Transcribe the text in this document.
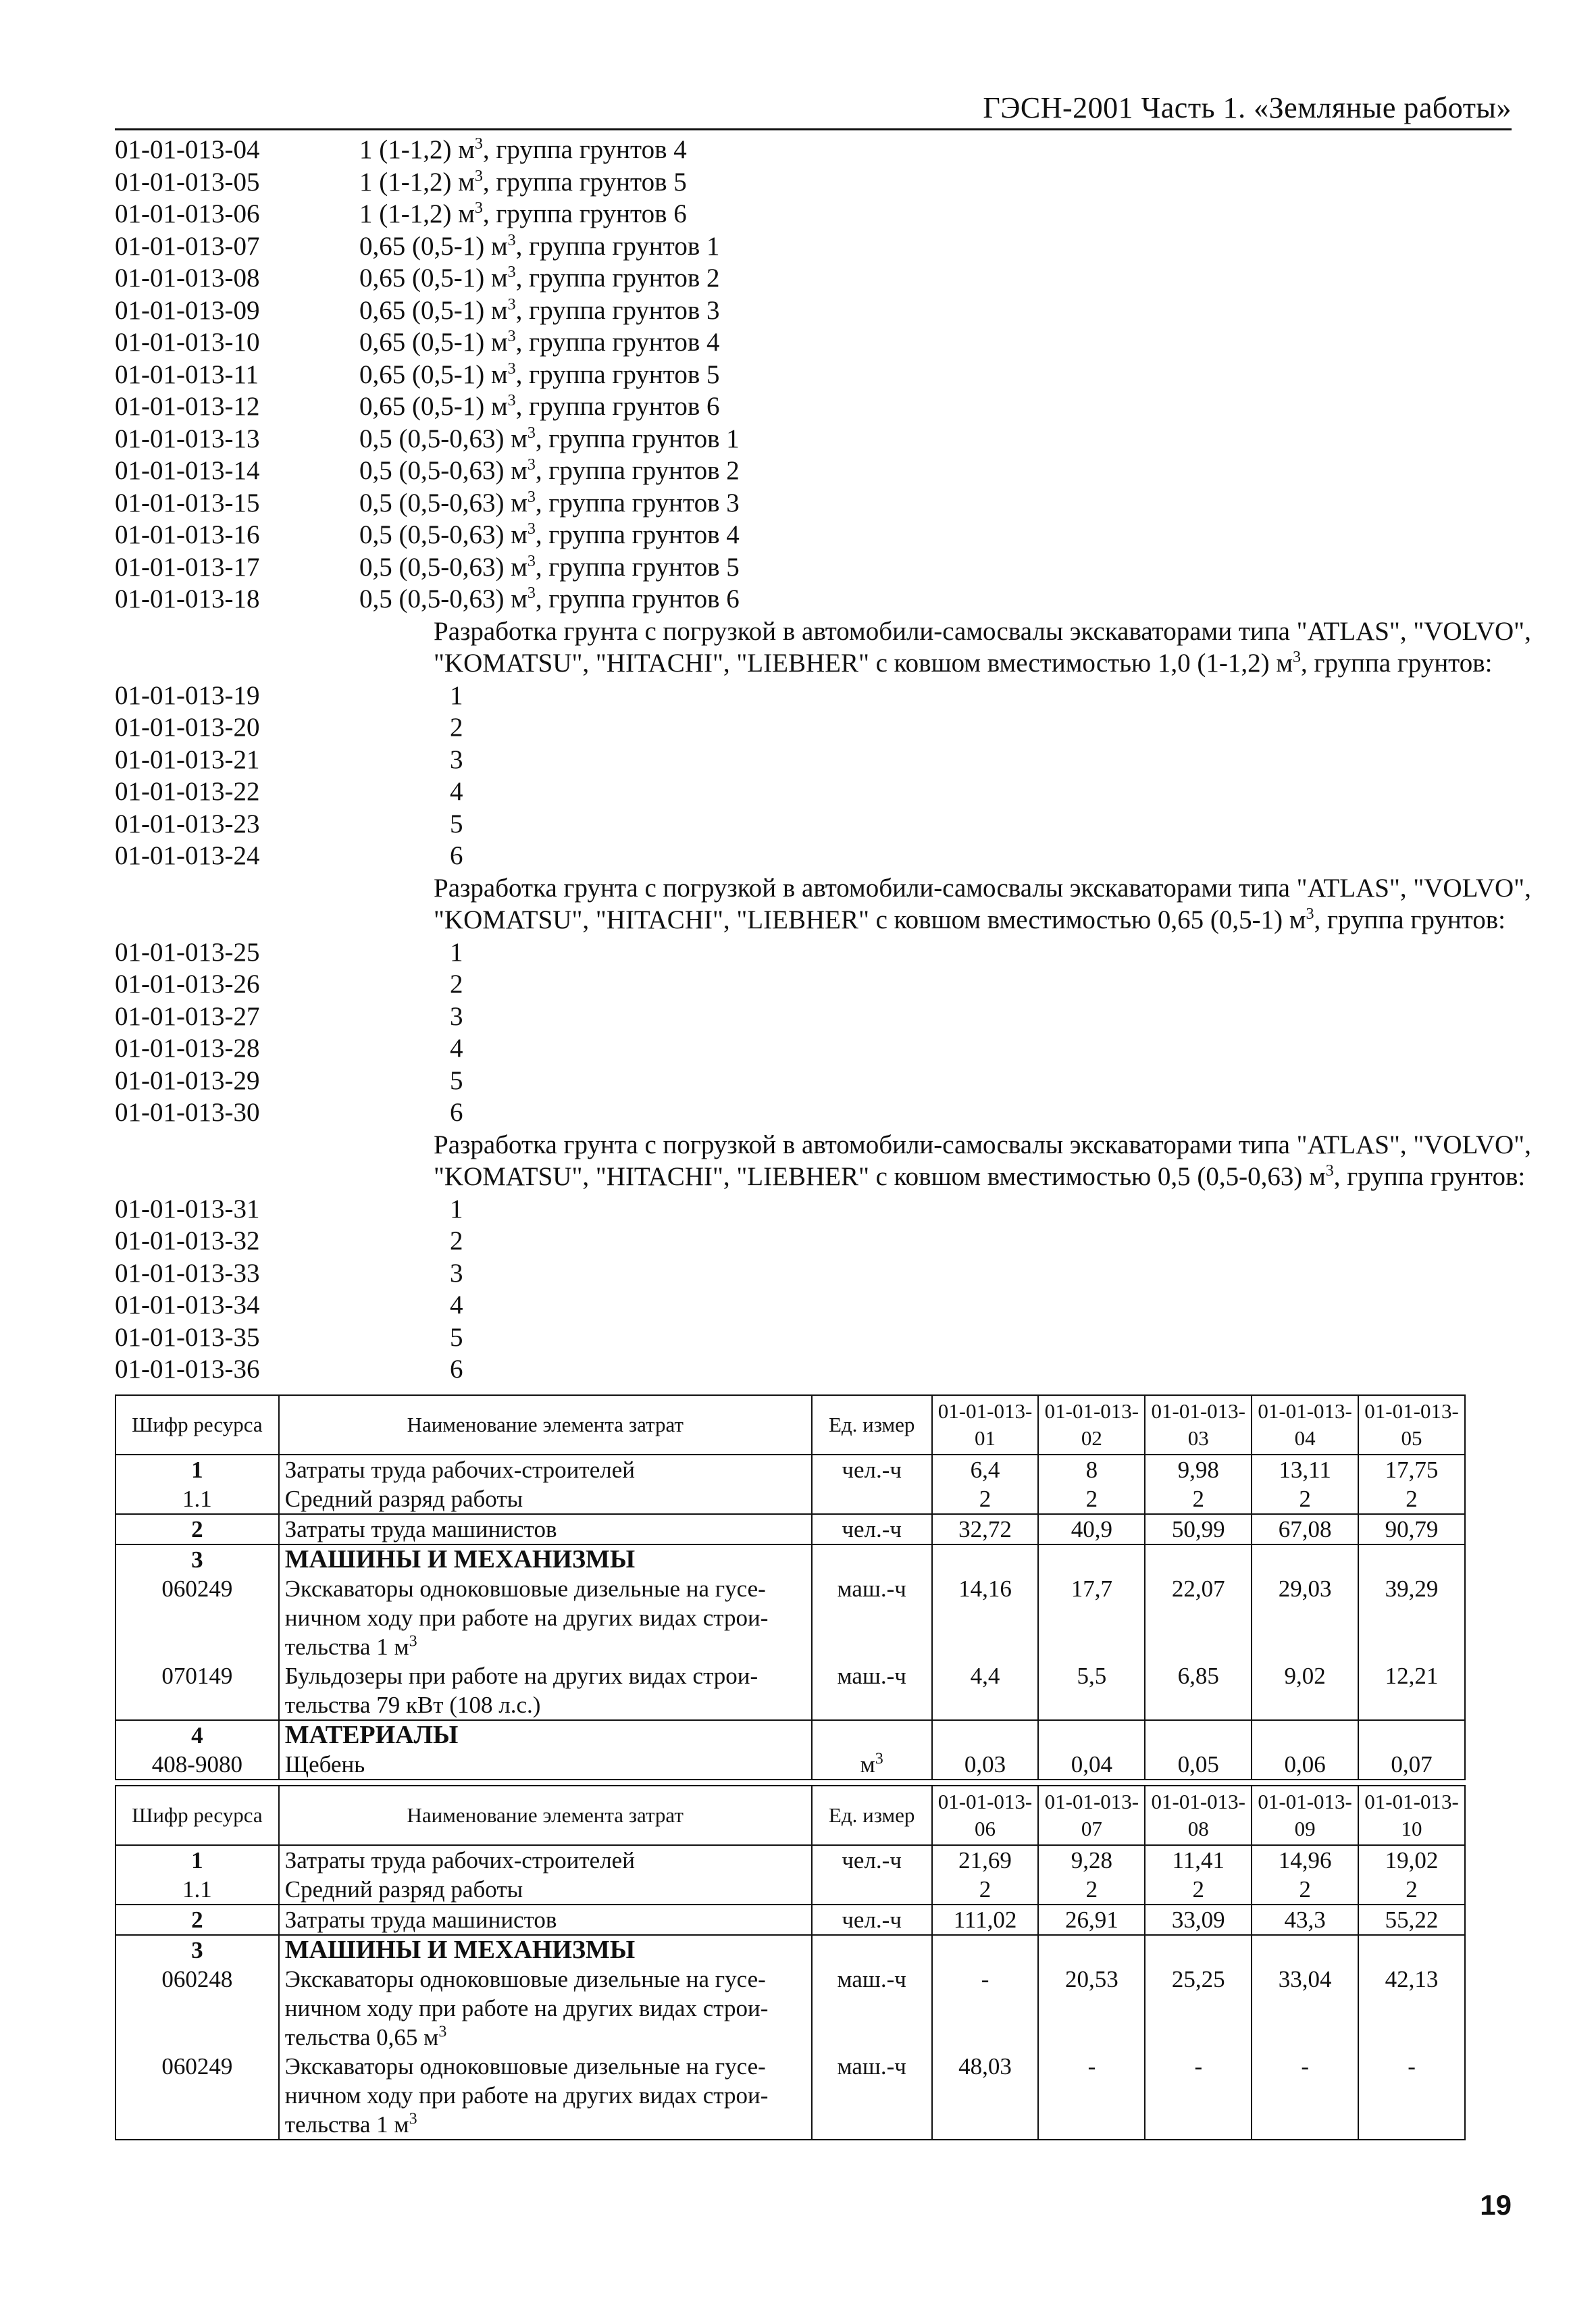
ГЭСН-2001 Часть 1. «Земляные работы»
01-01-013-04	1 (1-1,2) $м^3$, группа грунтов 4
01-01-013-05	1 (1-1,2) $м^3$, группа грунтов 5
01-01-013-06	1 (1-1,2) $м^3$, группа грунтов 6
01-01-013-07	0,65 (0,5-1) $м^3$, группа грунтов 1
01-01-013-08	0,65 (0,5-1) $м^3$, группа грунтов 2
01-01-013-09	0,65 (0,5-1) $м^3$, группа грунтов 3
01-01-013-10	0,65 (0,5-1) $м^3$, группа грунтов 4
01-01-013-11	0,65 (0,5-1) $м^3$, группа грунтов 5
01-01-013-12	0,65 (0,5-1) $м^3$, группа грунтов 6
01-01-013-13	0,5 (0,5-0,63) $м^3$, группа грунтов 1
01-01-013-14	0,5 (0,5-0,63) $м^3$, группа грунтов 2
01-01-013-15	0,5 (0,5-0,63) $м^3$, группа грунтов 3
01-01-013-16	0,5 (0,5-0,63) $м^3$, группа грунтов 4
01-01-013-17	0,5 (0,5-0,63) $м^3$, группа грунтов 5
01-01-013-18	0,5 (0,5-0,63) $м^3$, группа грунтов 6
Разработка грунта с погрузкой в автомобили-самосвалы экскаваторами типа "ATLAS", "VOLVO",
"KOMATSU", "HITACHI", "LIEBHER" с ковшом вместимостью 1,0 (1-1,2) $м^3$, группа грунтов:
01-01-013-19	1
01-01-013-20	2
01-01-013-21	3
01-01-013-22	4
01-01-013-23	5
01-01-013-24	6
Разработка грунта с погрузкой в автомобили-самосвалы экскаваторами типа "ATLAS", "VOLVO",
"KOMATSU", "HITACHI", "LIEBHER" с ковшом вместимостью 0,65 (0,5-1) $м^3$, группа грунтов:
01-01-013-25	1
01-01-013-26	2
01-01-013-27	3
01-01-013-28	4
01-01-013-29	5
01-01-013-30	6
Разработка грунта с погрузкой в автомобили-самосвалы экскаваторами типа "ATLAS", "VOLVO",
"KOMATSU", "HITACHI", "LIEBHER" с ковшом вместимостью 0,5 (0,5-0,63) $м^3$, группа грунтов:
01-01-013-31	1
01-01-013-32	2
01-01-013-33	3
01-01-013-34	4
01-01-013-35	5
01-01-013-36	6
Шифр ресурса	Наименование элемента затрат	Ед. измер	01-01-013-01	01-01-013-02	01-01-013-03	01-01-013-04	01-01-013-05
1	Затраты труда рабочих-строителей	чел.-ч	6,4	8	9,98	13,11	17,75
1.1	Средний разряд работы		2	2	2	2	2
2	Затраты труда машинистов	чел.-ч	32,72	40,9	50,99	67,08	90,79
3	МАШИНЫ И МЕХАНИЗМЫ						
060249	Экскаваторы одноковшовые дизельные на гусе-
ничном ходу при работе на других видах строи-
тельства 1 $м^3$	маш.-ч	14,16	17,7	22,07	29,03	39,29
070149	Бульдозеры при работе на других видах строи-
тельства 79 кВт (108 л.с.)	маш.-ч	4,4	5,5	6,85	9,02	12,21
4	МАТЕРИАЛЫ						
408-9080	Щебень	$м^3$	0,03	0,04	0,05	0,06	0,07
Шифр ресурса	Наименование элемента затрат	Ед. измер	01-01-013-06	01-01-013-07	01-01-013-08	01-01-013-09	01-01-013-10
1	Затраты труда рабочих-строителей	чел.-ч	21,69	9,28	11,41	14,96	19,02
1.1	Средний разряд работы		2	2	2	2	2
2	Затраты труда машинистов	чел.-ч	111,02	26,91	33,09	43,3	55,22
3	МАШИНЫ И МЕХАНИЗМЫ						
060248	Экскаваторы одноковшовые дизельные на гусе-
ничном ходу при работе на других видах строи-
тельства 0,65 $м^3$	маш.-ч	-	20,53	25,25	33,04	42,13
060249	Экскаваторы одноковшовые дизельные на гусе-
ничном ходу при работе на других видах строи-
тельства 1 $м^3$	маш.-ч	48,03	-	-	-	-
19
